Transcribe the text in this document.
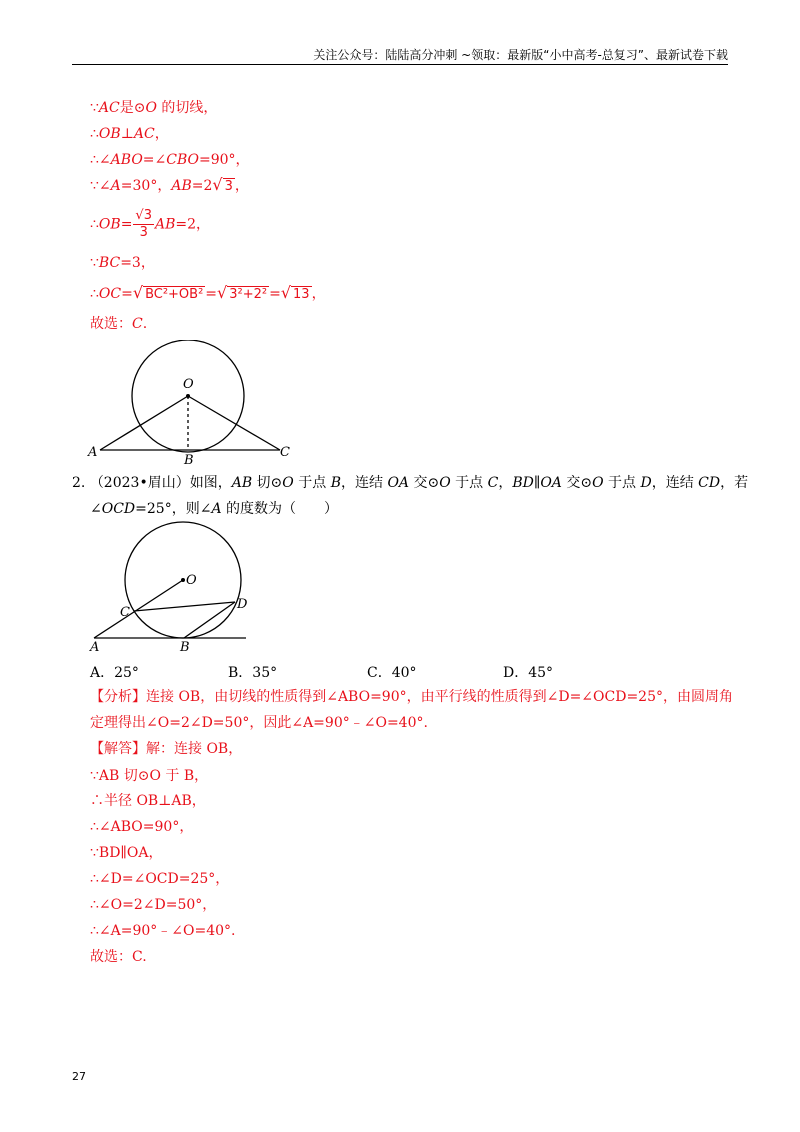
关注公众号：陆陆高分冲刺 ~领取：最新版“小中高考-总复习”、最新试卷下载
∵AC是⊙O 的切线，
∴OB⊥AC，
∴∠ABO=∠CBO=90°，
∵∠A=30°，AB=2√ 3 ，
∴OB= $\frac{√3}{3} AB=2$，
∵BC=3，
∴OC=√ BC²+OB² =√ 3²+2² =√ 13 ，
故选：C.
O
A
B
C
2. （2023•眉山）如图，AB 切⊙O 于点 B，连结 OA 交⊙O 于点 C，BD∥OA 交⊙O 于点 D，连结 CD，若
∠OCD=25°，则∠A 的度数为（　　）
O
A	B
C
D
A．25°	B．35°	C．40°	D．45°
【分析】连接 OB，由切线的性质得到∠ABO=90°，由平行线的性质得到∠D=∠OCD=25°，由圆周角
定理得出∠O=2∠D=50°，因此∠A=90°﹣∠O=40°.
【解答】解：连接 OB，
∵AB 切⊙O 于 B，
∴半径 OB⊥AB，
∴∠ABO=90°，
∵BD∥OA，
∴∠D=∠OCD=25°，
∴∠O=2∠D=50°，
∴∠A=90°﹣∠O=40°.
故选：C.
27
